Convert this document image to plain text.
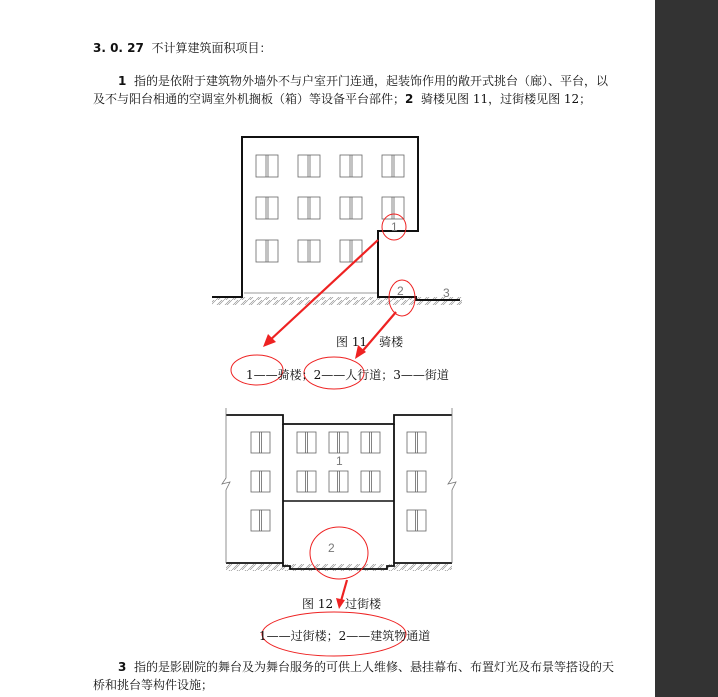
3. 0. 27 不计算建筑面积项目：
1 指的是依附于建筑物外墙外不与户室开门连通，起装饰作用的敞开式挑台（廊）、平台，以
及不与阳台相通的空调室外机搁板（箱）等设备平台部件；2 骑楼见图 11，过街楼见图 12；
1
2	3
1
2
图 11　骑楼
1——骑楼；2——人行道；3——街道
图 12　过街楼
1——过街楼；2——建筑物通道
3 指的是影剧院的舞台及为舞台服务的可供上人维修、悬挂幕布、布置灯光及布景等搭设的天
桥和挑台等构件设施；
